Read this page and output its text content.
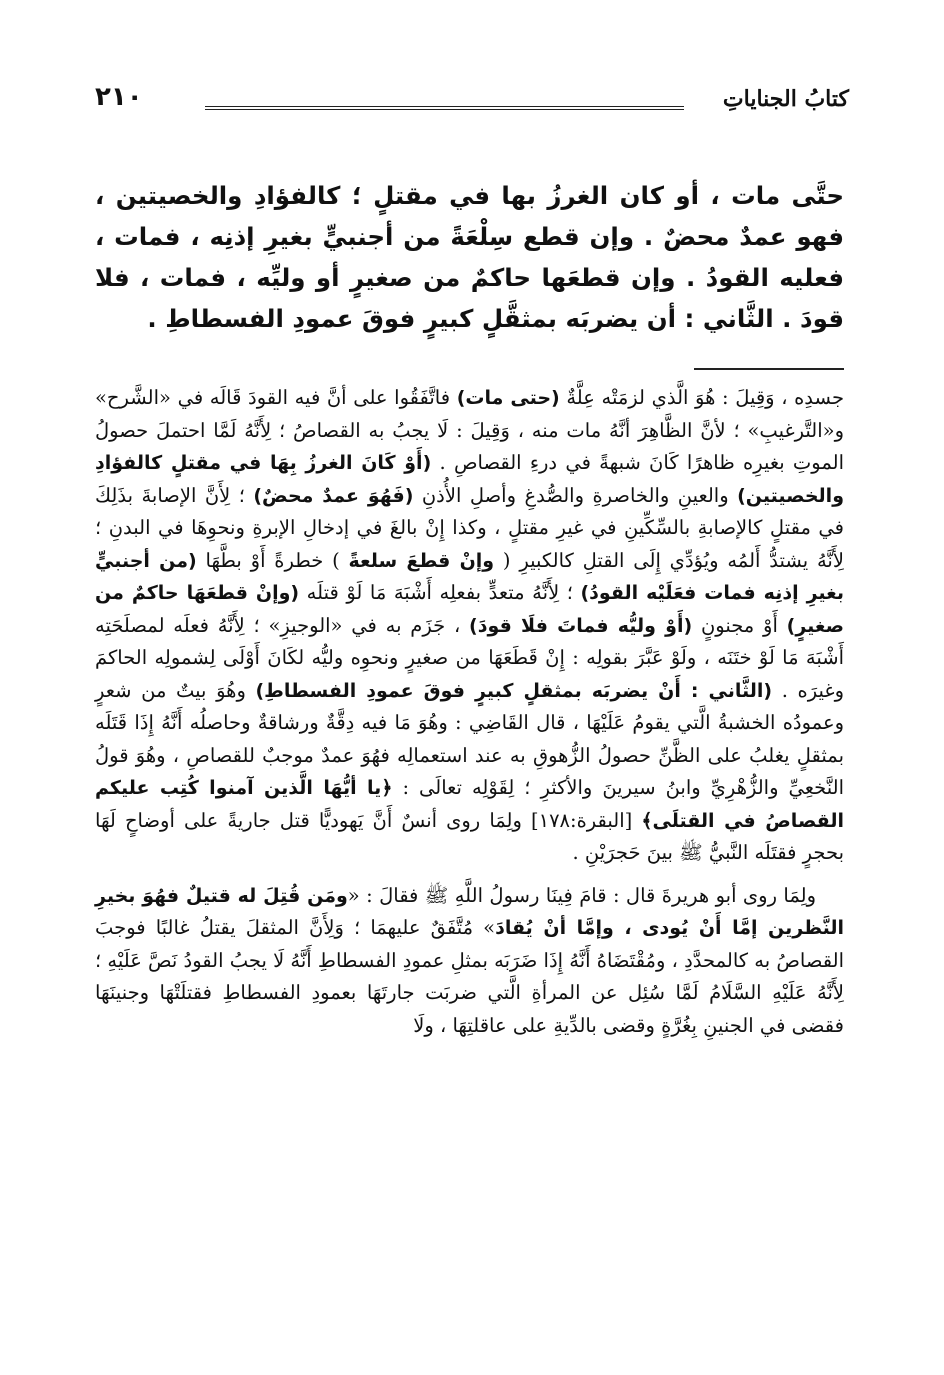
كتابُ الجناياتِ
٢١٠

حتَّى مات ، أو كان الغرزُ بها في مقتلٍ ؛ كالفؤادِ والخصيتين ، فهو عمدٌ محضٌ . وإن قطع سِلْعَةً من أجنبيٍّ بغيرِ إذنِه ، فمات ، فعليه القودُ . وإن قطعَها حاكمٌ من صغيرٍ أو وليِّه ، فمات ، فلا قودَ . الثَّاني : أن يضربَه بمثقَّلٍ كبيرٍ فوقَ عمودِ الفسطاطِ .

جسدِه ، وَقِيلَ : هُوَ الَّذي لزمَتْه عِلَّةٌ (حتى مات) فاتَّفَقُوا على أنَّ فيه القودَ قَالَه في «الشَّرح» و«التَّرغيبِ» ؛ لأنَّ الظَّاهِرَ أنَّهُ مات منه ، وَقِيلَ : لَا يجبُ به القصاصُ ؛ لِأَنَّهُ لَمَّا احتملَ حصولُ الموتِ بغيرِه ظاهرًا كَانَ شبهةً في درءِ القصاصِ . (أَوْ كَانَ الغرزُ بِهَا في مقتلٍ كالفؤادِ والخصيتين) والعينِ والخاصرةِ والصُّدغِ وأصلِ الأُذنِ (فَهُوَ عمدٌ محضٌ) ؛ لِأَنَّ الإصابةَ بذَلِكَ في مقتلٍ كالإصابةِ بالسِّكِّينِ في غيرِ مقتلٍ ، وكذا إِنْ بالغَ في إدخالِ الإبرةِ ونحوِهَا في البدنِ ؛ لِأَنَّهُ يشتدُّ أَلمُه ويُؤدِّي إِلَى القتلِ كالكبيرِ ( وإنْ قطعَ سلعةً ) خطرةً أَوْ بطَّهَا (من أجنبيٍّ بغيرِ إذنِه فمات فعَلَيْه القودُ) ؛ لِأَنَّهُ متعدٍّ بفعلِه أَشْبَهَ مَا لَوْ قتلَه (وإنْ قطعَهَا حاكمٌ من صغيرٍ) أَوْ مجنونٍ (أَوْ وليُّه فماتَ فلَا قودَ) ، جَزَم به في «الوجيزِ» ؛ لِأَنَّهُ فعلَه لمصلَحَتِه أَشْبَهَ مَا لَوْ ختَنَه ، ولَوْ عَبَّرَ بقولِه : إِنْ قَطَعَهَا من صغيرٍ ونحوِه وليُّه لكَانَ أَوْلَى لِشمولِه الحاكمَ وغيرَه . (الثَّاني : أَنْ يضربَه بمثقلٍ كبيرٍ فوقَ عمودِ الفسطاطِ) وهُوَ بيتٌ من شعرٍ وعمودُه الخشبةُ الَّتي يقومُ عَلَيْهَا ، قال القَاضِي : وهُوَ مَا فيه دِقَّةٌ ورشاقةٌ وحاصلُه أَنَّهُ إِذَا قَتَلَه بمثقلٍ يغلبُ على الظَّنِّ حصولُ الزُّهوقِ به عند استعمالِه فهُوَ عمدٌ موجبٌ للقصاصِ ، وهُوَ قولُ النَّخعِيِّ والزُّهْرِيِّ وابنُ سيرينَ والأكثرِ ؛ لِقَوْلِه تعالَى : ﴿يا أيُّهَا الَّذين آمنوا كُتِب عليكم القصاصُ في القتلَى﴾ [البقرة:١٧٨] ولِمَا روى أنسٌ أَنَّ يَهوديًّا قتل جاريةً على أوضاحٍ لَهَا بحجرٍ فقتَلَه النَّبيُّ ﷺ بينَ حَجرَيْنِ .

ولِمَا روى أبو هريرةَ قال : قامَ فِينَا رسولُ اللَّهِ ﷺ فقالَ : «ومَن قُتِلَ له قتيلٌ فهُوَ بخيرِ النَّظرين إمَّا أَنْ يُودى ، وإمَّا أنْ يُقادَ» مُتَّفَقٌ عليهمَا ؛ وَلِأَنَّ المثقلَ يقتلُ غالبًا فوجبَ القصاصُ به كالمحدَّدِ ، ومُقْتَضَاهُ أَنَّهُ إِذَا ضَرَبَه بمثلِ عمودِ الفسطاطِ أَنَّهُ لَا يجبُ القودُ نَصَّ عَلَيْهِ ؛ لِأَنَّهُ عَلَيْهِ السَّلَامُ لَمَّا سُئِل عن المرأةِ الَّتي ضربَت جارتَهَا بعمودِ الفسطاطِ فقتلَتْهَا وجنينَهَا فقضى في الجنينِ بِغُرَّةٍ وقضى بالدِّيةِ على عاقلتِهَا ، ولَا
